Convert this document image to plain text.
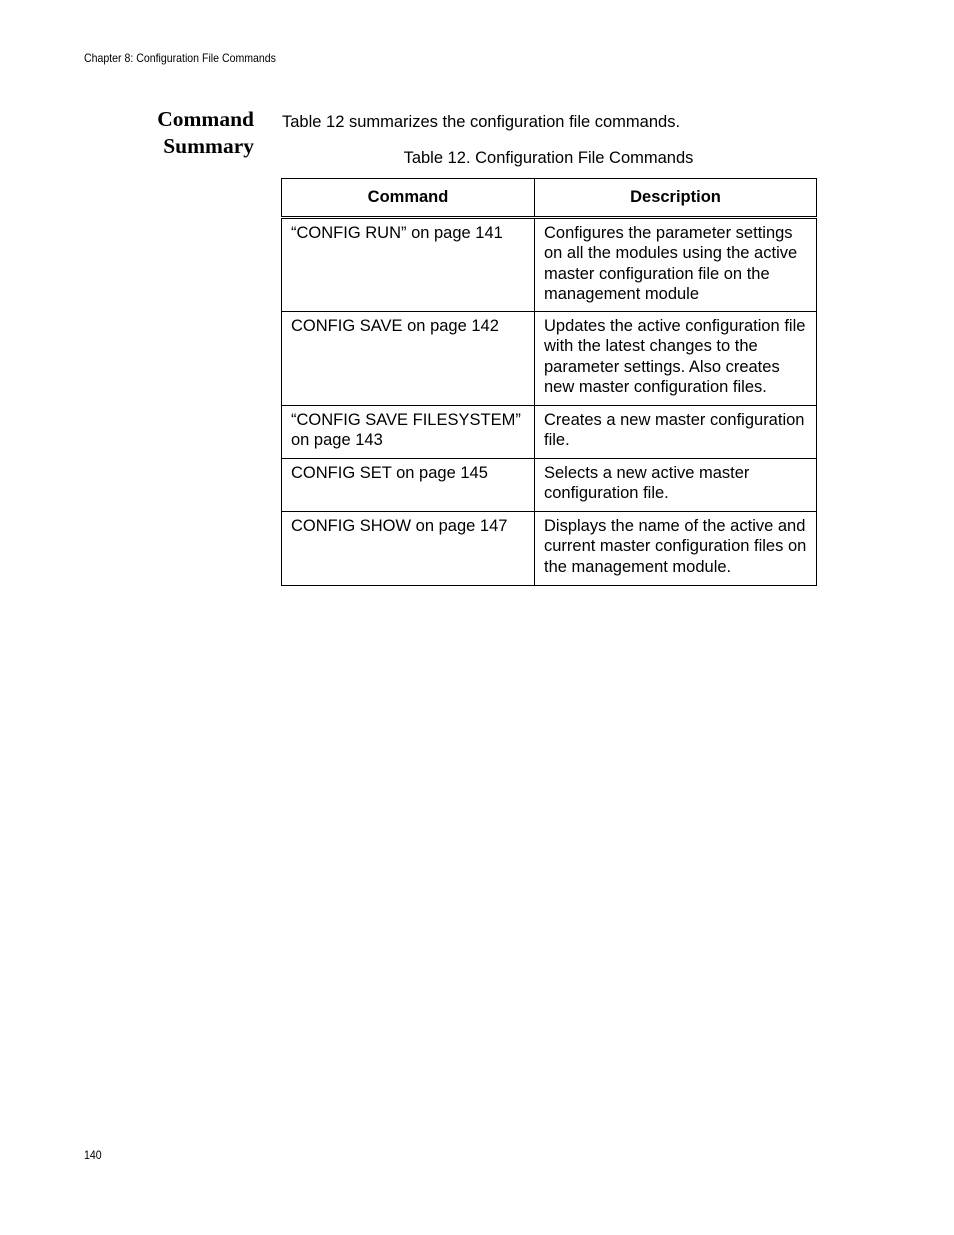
Chapter 8: Configuration File Commands
Command
Summary
Table 12 summarizes the configuration file commands.
Table 12. Configuration File Commands
Command	Description
“CONFIG RUN” on page 141	Configures the parameter settings on all the modules using the active master configuration file on the management module
CONFIG SAVE on page 142	Updates the active configuration file with the latest changes to the parameter settings. Also creates new master configuration files.
“CONFIG SAVE FILESYSTEM” on page 143	Creates a new master configuration file.
CONFIG SET on page 145	Selects a new active master configuration file.
CONFIG SHOW on page 147	Displays the name of the active and current master configuration files on the management module.
140
